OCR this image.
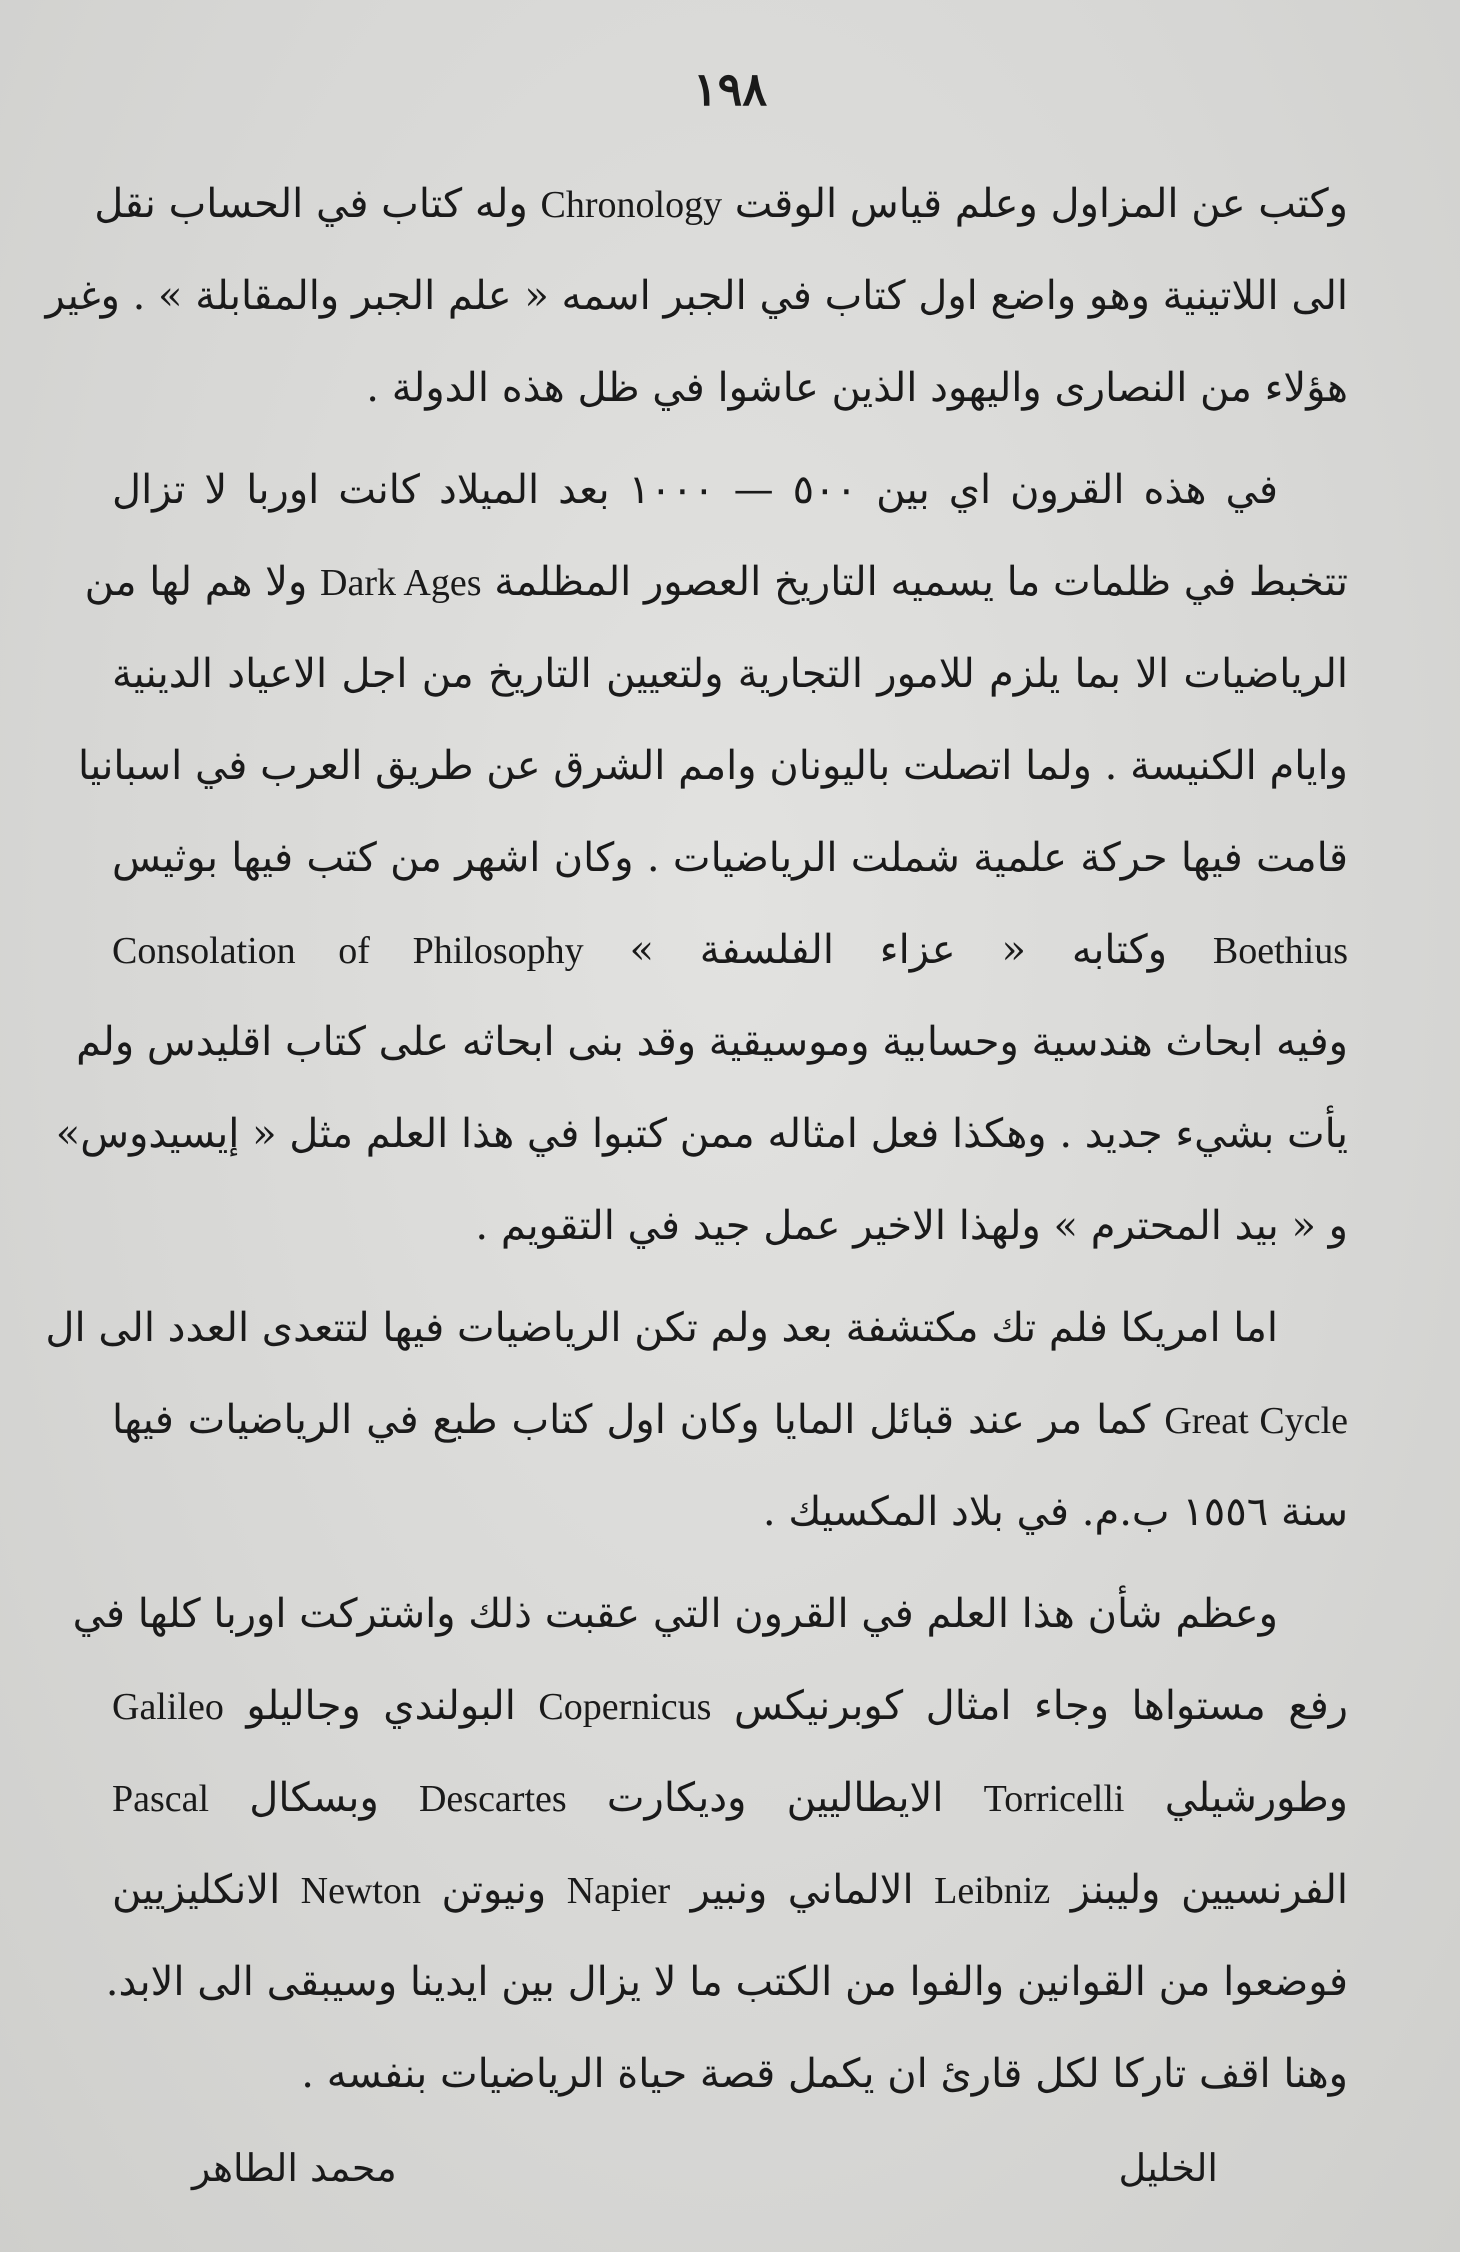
١٩٨
وكتب عن المزاول وعلم قياس الوقت Chronology وله كتاب في الحساب نقل
الى اللاتينية وهو واضع اول كتاب في الجبر اسمه « علم الجبر والمقابلة » . وغير
هؤلاء من النصارى واليهود الذين عاشوا في ظل هذه الدولة .
في هذه القرون اي بين ٥٠٠ — ١٠٠٠ بعد الميلاد كانت اوربا لا تزال
تتخبط في ظلمات ما يسميه التاريخ العصور المظلمة Dark Ages ولا هم لها من
الرياضيات الا بما يلزم للامور التجارية ولتعيين التاريخ من اجل الاعياد الدينية
وايام الكنيسة . ولما اتصلت باليونان وامم الشرق عن طريق العرب في اسبانيا
قامت فيها حركة علمية شملت الرياضيات . وكان اشهر من كتب فيها بوثيس
Boethius وكتابه « عزاء الفلسفة » Consolation of Philosophy
وفيه ابحاث هندسية وحسابية وموسيقية وقد بنى ابحاثه على كتاب اقليدس ولم
يأت بشيء جديد . وهكذا فعل امثاله ممن كتبوا في هذا العلم مثل « إيسيدوس»
و « بيد المحترم » ولهذا الاخير عمل جيد في التقويم .
اما امريكا فلم تك مكتشفة بعد ولم تكن الرياضيات فيها لتتعدى العدد الى ال
Great Cycle كما مر عند قبائل المايا وكان اول كتاب طبع في الرياضيات فيها
سنة ١٥٥٦ ب.م. في بلاد المكسيك .
وعظم شأن هذا العلم في القرون التي عقبت ذلك واشتركت اوربا كلها في
رفع مستواها وجاء امثال كوبرنيكس Copernicus البولندي وجاليلو Galileo
وطورشيلي Torricelli الايطاليين وديكارت Descartes وبسكال Pascal
الفرنسيين وليبنز Leibniz الالماني ونبير Napier ونيوتن Newton الانكليزيين
فوضعوا من القوانين والفوا من الكتب ما لا يزال بين ايدينا وسيبقى الى الابد.
وهنا اقف تاركا لكل قارئ ان يكمل قصة حياة الرياضيات بنفسه .
الخليل
محمد الطاهر
